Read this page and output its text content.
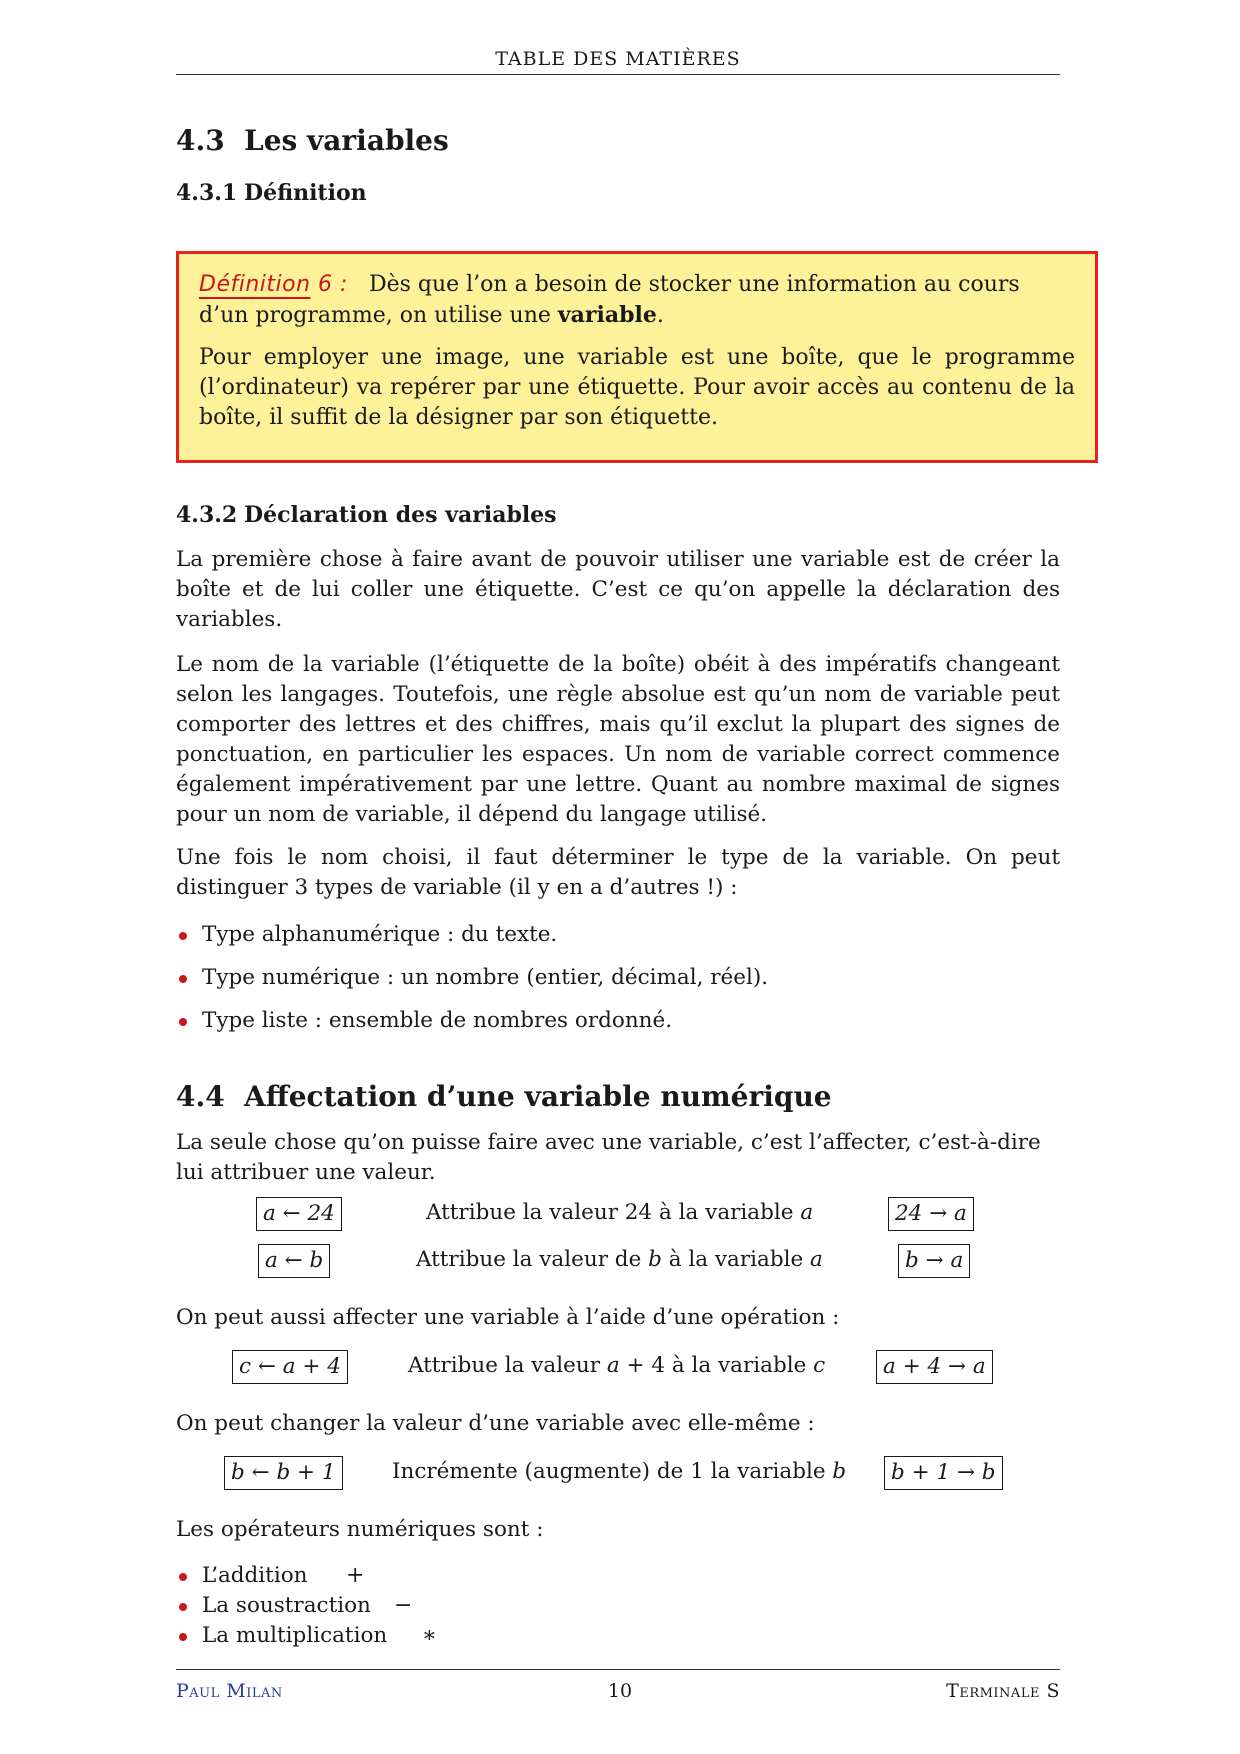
TABLE DES MATIÈRES
4.3 Les variables
4.3.1 Définition

Définition 6 : Dès que l’on a besoin de stocker une information au cours d’un programme, on utilise une variable.

Pour employer une image, une variable est une boîte, que le programme (l’ordinateur) va repérer par une étiquette. Pour avoir accès au contenu de la boîte, il suffit de la désigner par son étiquette.

4.3.2 Déclaration des variables

La première chose à faire avant de pouvoir utiliser une variable est de créer la boîte et de lui coller une étiquette. C’est ce qu’on appelle la déclaration des variables.

Le nom de la variable (l’étiquette de la boîte) obéit à des impératifs changeant selon les langages. Toutefois, une règle absolue est qu’un nom de variable peut comporter des lettres et des chiffres, mais qu’il exclut la plupart des signes de ponctuation, en particulier les espaces. Un nom de variable correct commence également impérativement par une lettre. Quant au nombre maximal de signes pour un nom de variable, il dépend du langage utilisé.

Une fois le nom choisi, il faut déterminer le type de la variable. On peut distinguer 3 types de variable (il y en a d’autres !) :

Type alphanumérique : du texte.
Type numérique : un nombre (entier, décimal, réel).
Type liste : ensemble de nombres ordonné.
4.4 Affectation d’une variable numérique

La seule chose qu’on puisse faire avec une variable, c’est l’affecter, c’est-à-dire lui attribuer une valeur.

a ← 24	Attribue la valeur 24 à la variable a	24 → a
a ← b	Attribue la valeur de b à la variable a	b → a

On peut aussi affecter une variable à l’aide d’une opération :

c ← a + 4	Attribue la valeur a + 4 à la variable c	a + 4 → a

On peut changer la valeur d’une variable avec elle-même :

b ← b + 1	Incrémente (augmente) de 1 la variable b	b + 1 → b

Les opérateurs numériques sont :

L’addition +
La soustraction −
La multiplication ∗
Paul Milan	10	Terminale S
